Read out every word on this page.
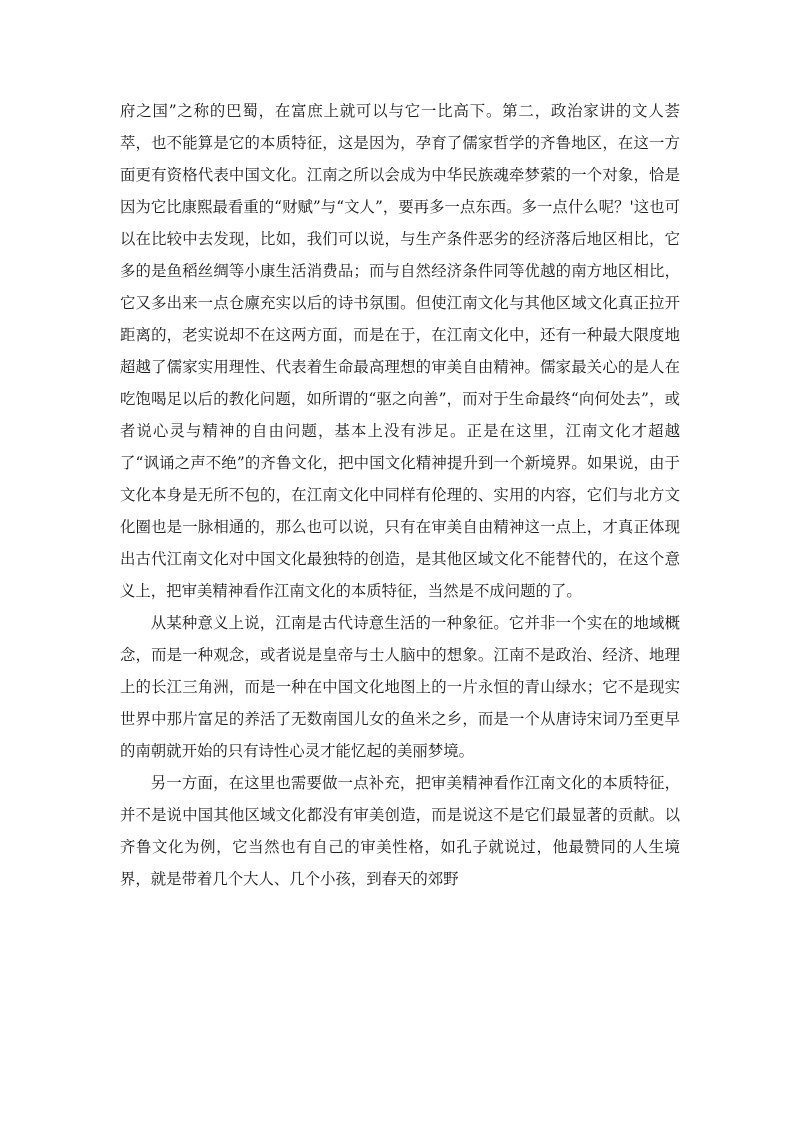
府之国”之称的巴蜀，在富庶上就可以与它一比高下。第二，政治家讲的文人荟萃，也不能算是它的本质特征，这是因为，孕育了儒家哲学的齐鲁地区，在这一方面更有资格代表中国文化。江南之所以会成为中华民族魂牵梦萦的一个对象，恰是因为它比康熙最看重的“财赋”与“文人”，要再多一点东西。多一点什么呢？'这也可以在比较中去发现，比如，我们可以说，与生产条件恶劣的经济落后地区相比，它多的是鱼稻丝绸等小康生活消费品；而与自然经济条件同等优越的南方地区相比，它又多出来一点仓廪充实以后的诗书氛围。但使江南文化与其他区域文化真正拉开距离的，老实说却不在这两方面，而是在于，在江南文化中，还有一种最大限度地超越了儒家实用理性、代表着生命最高理想的审美自由精神。儒家最关心的是人在吃饱喝足以后的教化问题，如所谓的“驱之向善”，而对于生命最终“向何处去”，或者说心灵与精神的自由问题，基本上没有涉足。正是在这里，江南文化才超越了“讽诵之声不绝”的齐鲁文化，把中国文化精神提升到一个新境界。如果说，由于文化本身是无所不包的，在江南文化中同样有伦理的、实用的内容，它们与北方文化圈也是一脉相通的，那么也可以说，只有在审美自由精神这一点上，才真正体现出古代江南文化对中国文化最独特的创造，是其他区域文化不能替代的，在这个意义上，把审美精神看作江南文化的本质特征，当然是不成问题的了。

从某种意义上说，江南是古代诗意生活的一种象征。它并非一个实在的地域概念，而是一种观念，或者说是皇帝与士人脑中的想象。江南不是政治、经济、地理上的长江三角洲，而是一种在中国文化地图上的一片永恒的青山绿水；它不是现实世界中那片富足的养活了无数南国儿女的鱼米之乡，而是一个从唐诗宋词乃至更早的南朝就开始的只有诗性心灵才能忆起的美丽梦境。

另一方面，在这里也需要做一点补充，把审美精神看作江南文化的本质特征，并不是说中国其他区域文化都没有审美创造，而是说这不是它们最显著的贡献。以齐鲁文化为例，它当然也有自己的审美性格，如孔子就说过，他最赞同的人生境界，就是带着几个大人、几个小孩，到春天的郊野
